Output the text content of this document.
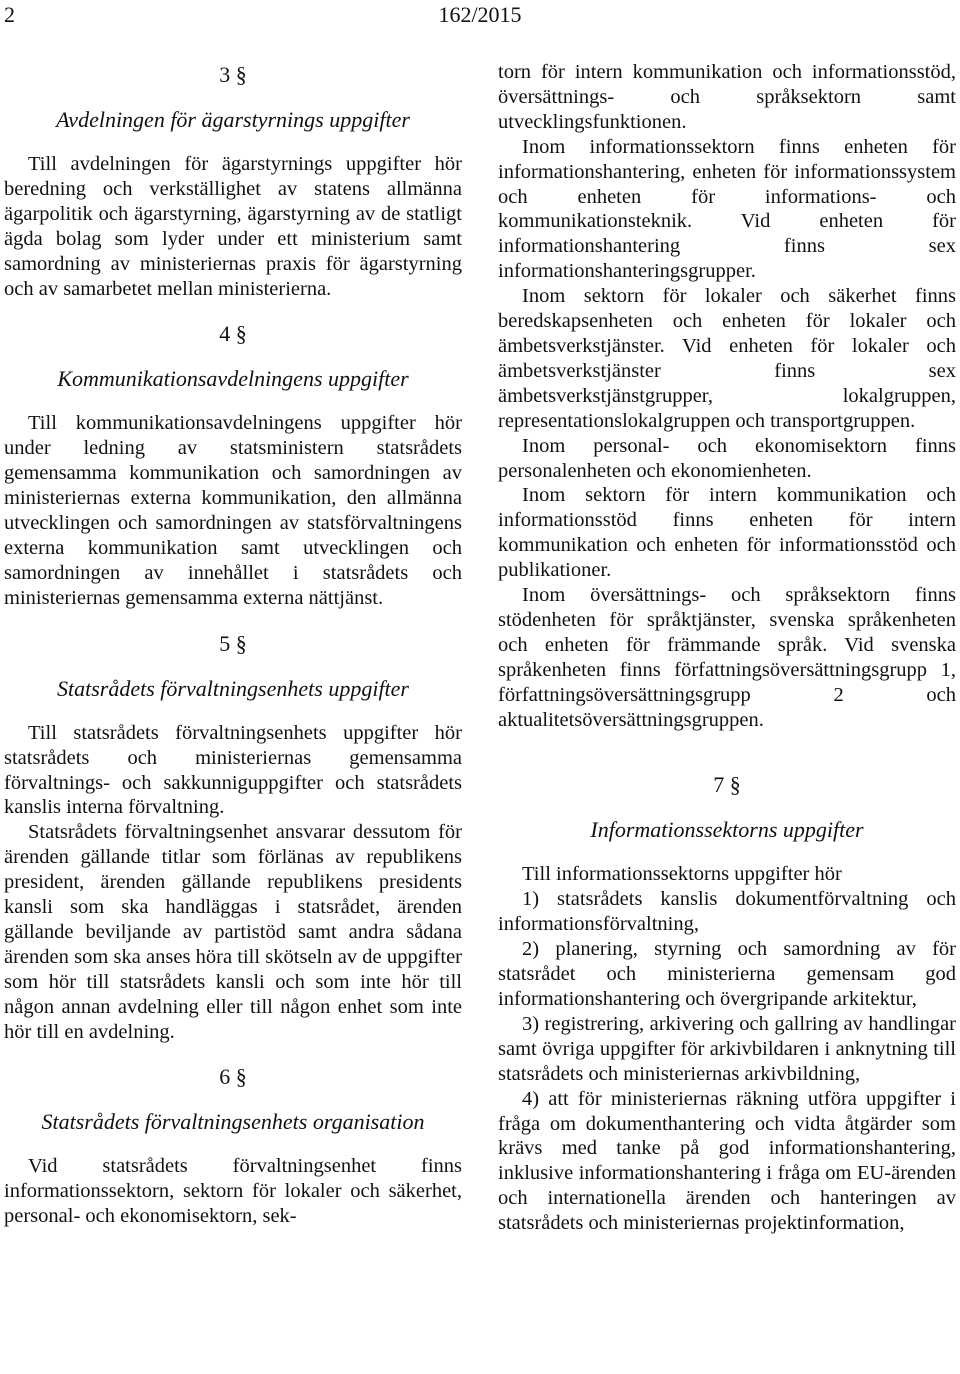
2	162/2015
3 §
Avdelningen för ägarstyrnings uppgifter

Till avdelningen för ägarstyrnings uppgifter hör beredning och verkställighet av statens allmänna ägarpolitik och ägarstyrning, ägarstyrning av de statligt ägda bolag som lyder under ett ministerium samt samordning av ministeriernas praxis för ägarstyrning och av samarbetet mellan ministerierna.

4 §
Kommunikationsavdelningens uppgifter

Till kommunikationsavdelningens uppgifter hör under ledning av statsministern statsrådets gemensamma kommunikation och samordningen av ministeriernas externa kommunikation, den allmänna utvecklingen och samordningen av statsförvaltningens externa kommunikation samt utvecklingen och samordningen av innehållet i statsrådets och ministeriernas gemensamma externa nättjänst.

5 §
Statsrådets förvaltningsenhets uppgifter

Till statsrådets förvaltningsenhets uppgifter hör statsrådets och ministeriernas gemensamma förvaltnings- och sakkunniguppgifter och statsrådets kanslis interna förvaltning.

Statsrådets förvaltningsenhet ansvarar dessutom för ärenden gällande titlar som förlänas av republikens president, ärenden gällande republikens presidents kansli som ska handläggas i statsrådet, ärenden gällande beviljande av partistöd samt andra sådana ärenden som ska anses höra till skötseln av de uppgifter som hör till statsrådets kansli och som inte hör till någon annan avdelning eller till någon enhet som inte hör till en avdelning.

6 §
Statsrådets förvaltningsenhets organisation

Vid statsrådets förvaltningsenhet finns informationssektorn, sektorn för lokaler och säkerhet, personal- och ekonomisektorn, sek-

torn för intern kommunikation och informationsstöd, översättnings- och språksektorn samt utvecklingsfunktionen.

Inom informationssektorn finns enheten för informationshantering, enheten för informationssystem och enheten för informations- och kommunikationsteknik. Vid enheten för informationshantering finns sex informationshanteringsgrupper.

Inom sektorn för lokaler och säkerhet finns beredskapsenheten och enheten för lokaler och ämbetsverkstjänster. Vid enheten för lokaler och ämbetsverkstjänster finns sex ämbetsverkstjänstgrupper, lokalgruppen, representationslokalgruppen och transportgruppen.

Inom personal- och ekonomisektorn finns personalenheten och ekonomienheten.

Inom sektorn för intern kommunikation och informationsstöd finns enheten för intern kommunikation och enheten för informationsstöd och publikationer.

Inom översättnings- och språksektorn finns stödenheten för språktjänster, svenska språkenheten och enheten för främmande språk. Vid svenska språkenheten finns författningsöversättningsgrupp 1, författningsöversättningsgrupp 2 och aktualitetsöversättningsgruppen.

7 §
Informationssektorns uppgifter

Till informationssektorns uppgifter hör

1) statsrådets kanslis dokumentförvaltning och informationsförvaltning,

2) planering, styrning och samordning av för statsrådet och ministerierna gemensam god informationshantering och övergripande arkitektur,

3) registrering, arkivering och gallring av handlingar samt övriga uppgifter för arkivbildaren i anknytning till statsrådets och ministeriernas arkivbildning,

4) att för ministeriernas räkning utföra uppgifter i fråga om dokumenthantering och vidta åtgärder som krävs med tanke på god informationshantering, inklusive informationshantering i fråga om EU-ärenden och internationella ärenden och hanteringen av statsrådets och ministeriernas projektinformation,
